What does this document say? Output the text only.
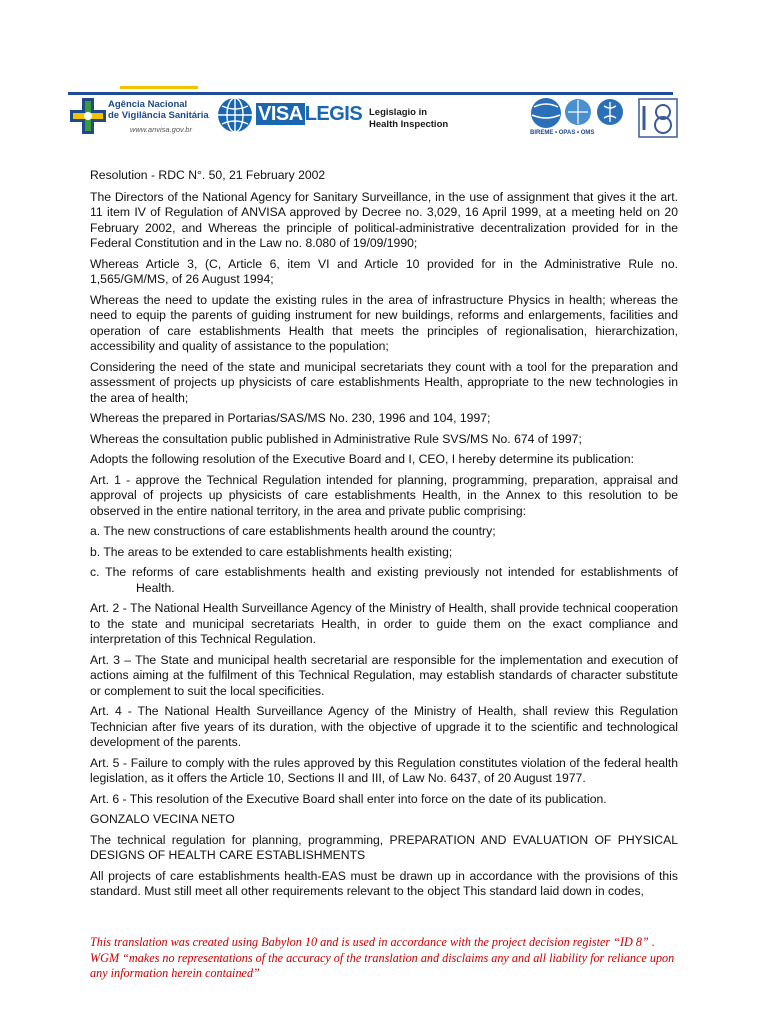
Agência Nacional
de Vigilância Sanitária
www.anvisa.gov.br
VISA LEGIS Legislagio in
Health Inspection
BIREME • OPAS • OMS

Resolution - RDC N°. 50, 21 February 2002

The Directors of the National Agency for Sanitary Surveillance, in the use of assignment that gives it the art. 11 item IV of Regulation of ANVISA approved by Decree no. 3,029, 16 April 1999, at a meeting held on 20 February 2002, and Whereas the principle of political-administrative decentralization provided for in the Federal Constitution and in the Law no. 8.080 of 19/09/1990;

Whereas Article 3, (C, Article 6, item VI and Article 10 provided for in the Administrative Rule no. 1,565/GM/MS, of 26 August 1994;

Whereas the need to update the existing rules in the area of infrastructure Physics in health; whereas the need to equip the parents of guiding instrument for new buildings, reforms and enlargements, facilities and operation of care establishments Health that meets the principles of regionalisation, hierarchization, accessibility and quality of assistance to the population;

Considering the need of the state and municipal secretariats they count with a tool for the preparation and assessment of projects up physicists of care establishments Health, appropriate to the new technologies in the area of health;

Whereas the prepared in Portarias/SAS/MS No. 230, 1996 and 104, 1997;

Whereas the consultation public published in Administrative Rule SVS/MS No. 674 of 1997;

Adopts the following resolution of the Executive Board and I, CEO, I hereby determine its publication:

Art. 1 - approve the Technical Regulation intended for planning, programming, preparation, appraisal and approval of projects up physicists of care establishments Health, in the Annex to this resolution to be observed in the entire national territory, in the area and private public comprising:

a. The new constructions of care establishments health around the country;

b. The areas to be extended to care establishments health existing;

c. The reforms of care establishments health and existing previously not intended for establishments of Health.

Art. 2 - The National Health Surveillance Agency of the Ministry of Health, shall provide technical cooperation to the state and municipal secretariats Health, in order to guide them on the exact compliance and interpretation of this Technical Regulation.

Art. 3 – The State and municipal health secretarial are responsible for the implementation and execution of actions aiming at the fulfilment of this Technical Regulation, may establish standards of character substitute or complement to suit the local specificities.

Art. 4 - The National Health Surveillance Agency of the Ministry of Health, shall review this Regulation Technician after five years of its duration, with the objective of upgrade it to the scientific and technological development of the parents.

Art. 5 - Failure to comply with the rules approved by this Regulation constitutes violation of the federal health legislation, as it offers the Article 10, Sections II and III, of Law No. 6437, of 20 August 1977.

Art. 6 - This resolution of the Executive Board shall enter into force on the date of its publication.

GONZALO VECINA NETO

The technical regulation for planning, programming, PREPARATION AND EVALUATION OF PHYSICAL DESIGNS OF HEALTH CARE ESTABLISHMENTS

All projects of care establishments health-EAS must be drawn up in accordance with the provisions of this standard. Must still meet all other requirements relevant to the object This standard laid down in codes,

This translation was created using Babylon 10 and is used in accordance with the project decision register “ID 8” . WGM “makes no representations of the accuracy of the translation and disclaims any and all liability for reliance upon any information herein contained”
